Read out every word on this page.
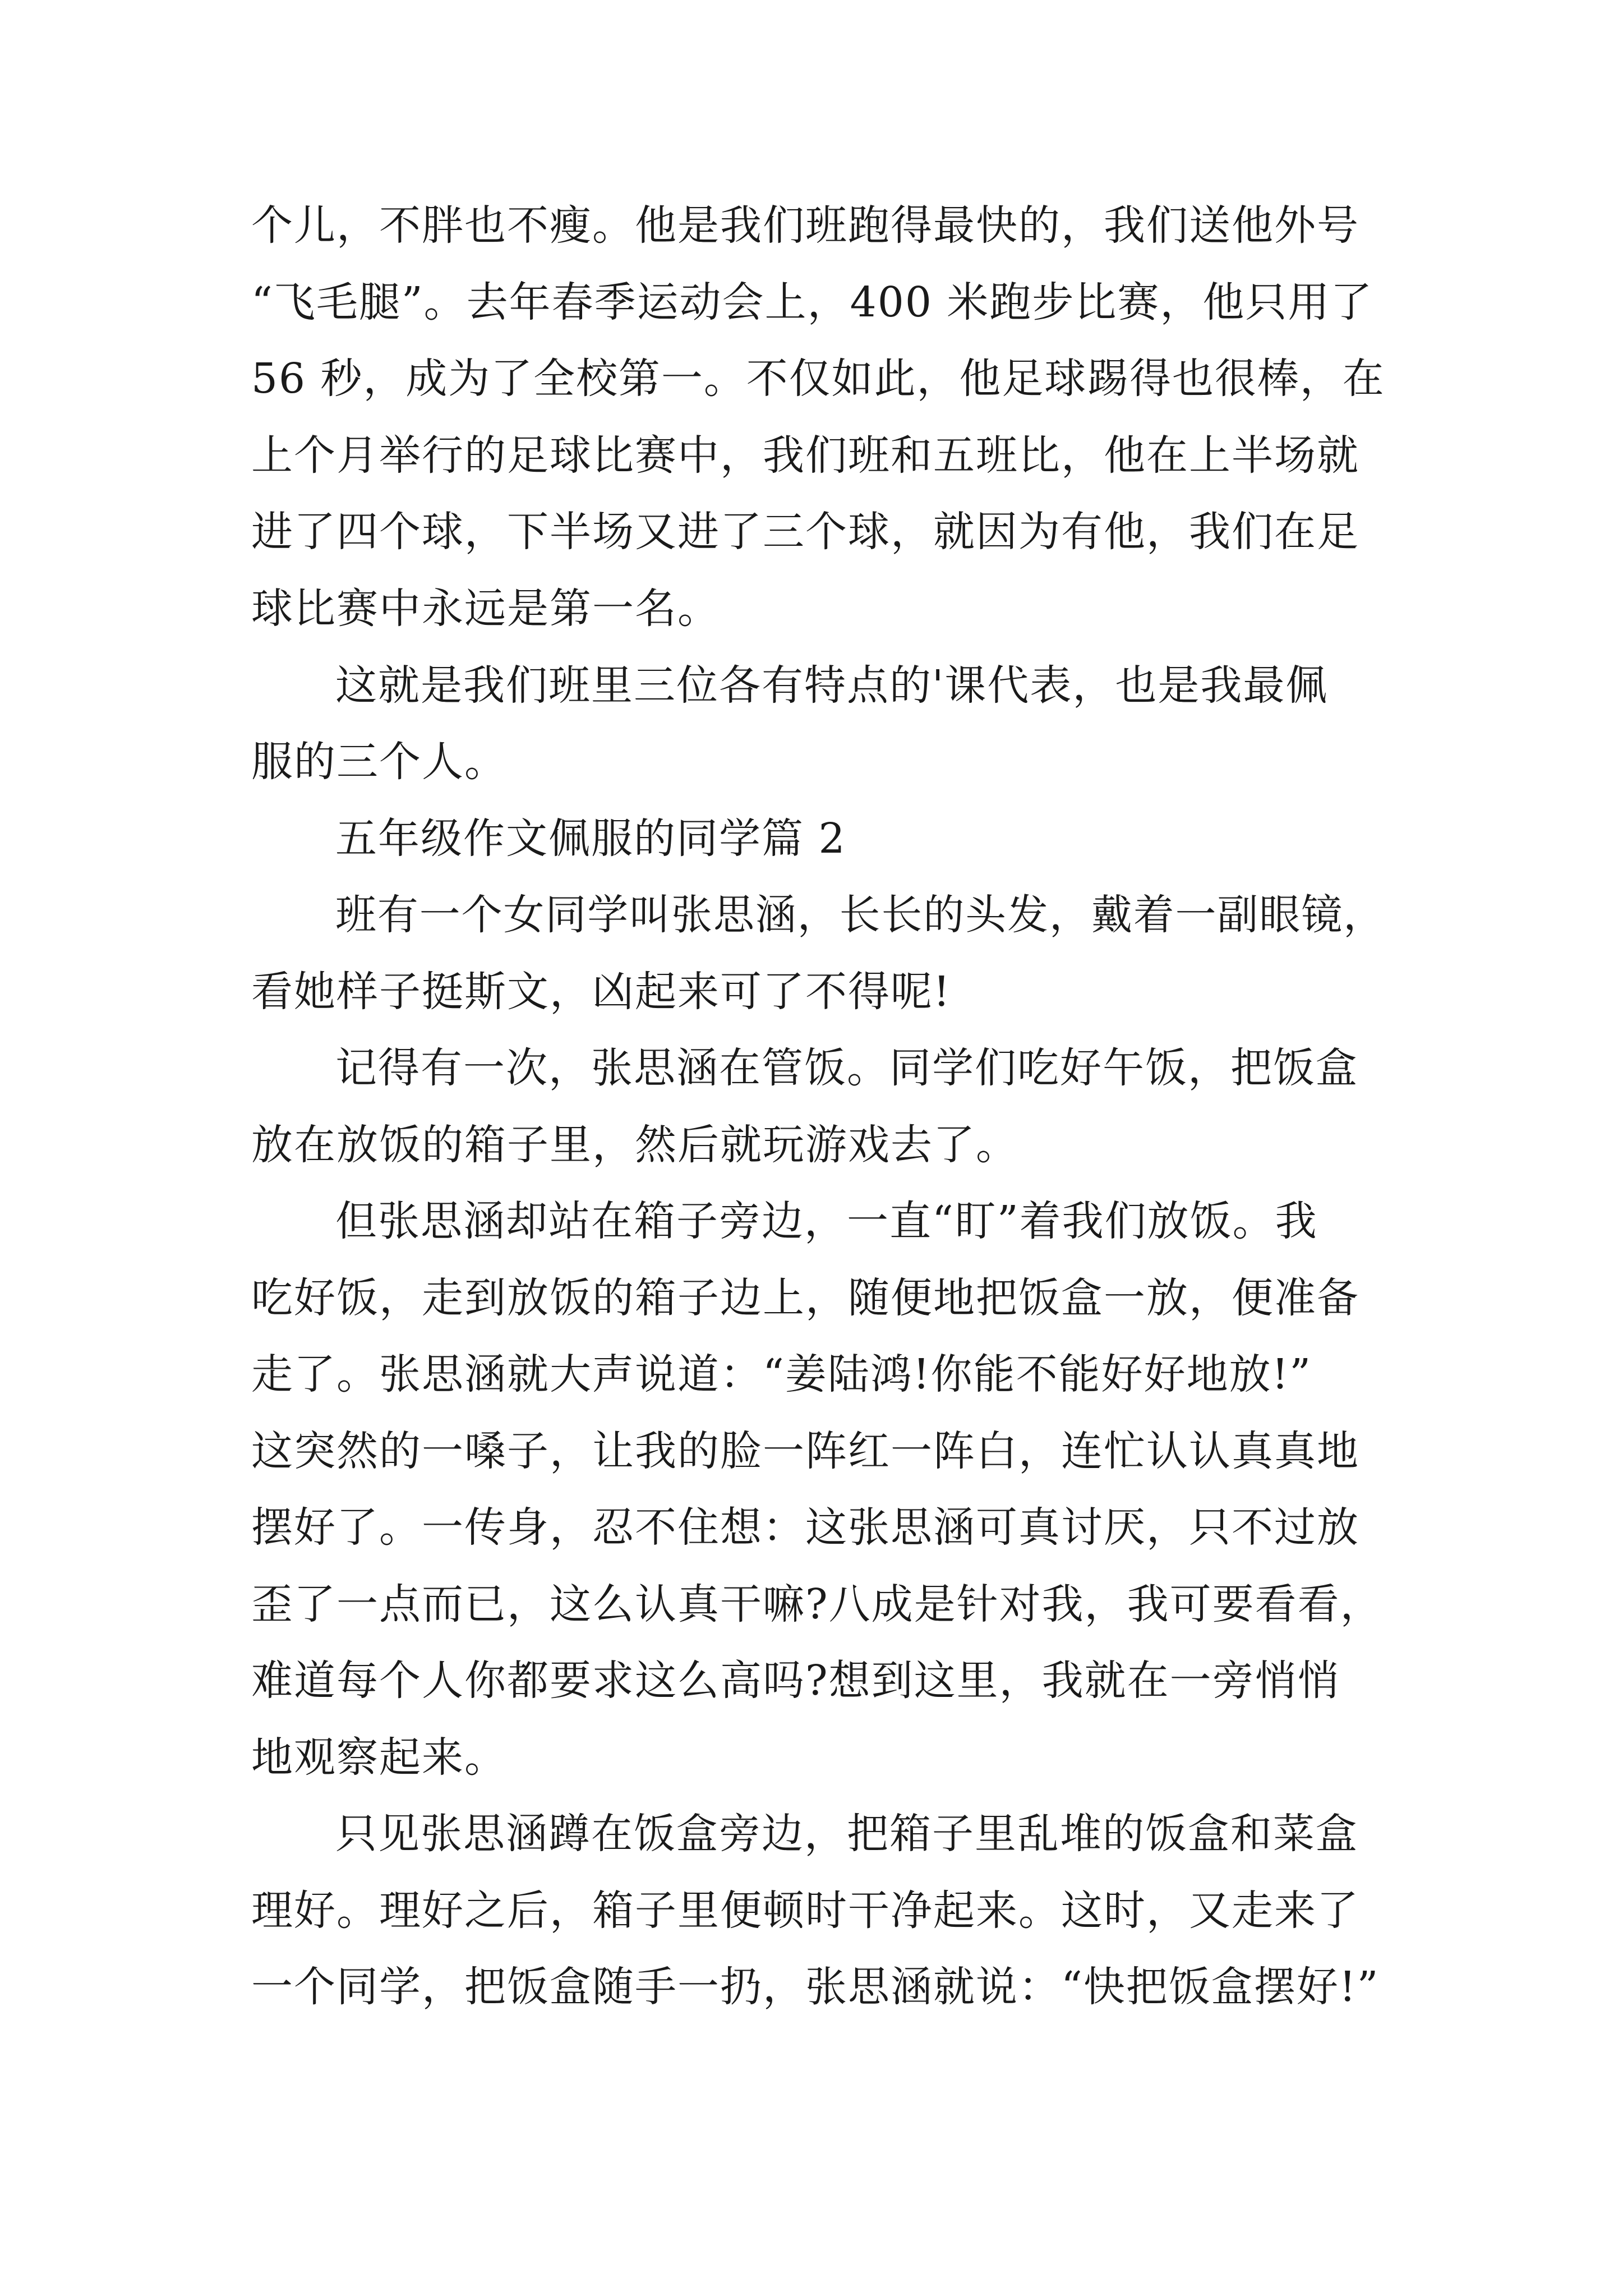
个儿，不胖也不瘦。他是我们班跑得最快的，我们送他外号
“飞毛腿”。去年春季运动会上，400 米跑步比赛，他只用了
56 秒，成为了全校第一。不仅如此，他足球踢得也很棒，在
上个月举行的足球比赛中，我们班和五班比，他在上半场就
进了四个球，下半场又进了三个球，就因为有他，我们在足
球比赛中永远是第一名。
这就是我们班里三位各有特点的'课代表，也是我最佩
服的三个人。
五年级作文佩服的同学篇 2
班有一个女同学叫张思涵，长长的头发，戴着一副眼镜，
看她样子挺斯文，凶起来可了不得呢!
记得有一次，张思涵在管饭。同学们吃好午饭，把饭盒
放在放饭的箱子里，然后就玩游戏去了。
但张思涵却站在箱子旁边，一直“盯”着我们放饭。我
吃好饭，走到放饭的箱子边上，随便地把饭盒一放，便准备
走了。张思涵就大声说道：“姜陆鸿!你能不能好好地放!”
这突然的一嗓子，让我的脸一阵红一阵白，连忙认认真真地
摆好了。一传身，忍不住想：这张思涵可真讨厌，只不过放
歪了一点而已，这么认真干嘛?八成是针对我，我可要看看，
难道每个人你都要求这么高吗?想到这里，我就在一旁悄悄
地观察起来。
只见张思涵蹲在饭盒旁边，把箱子里乱堆的饭盒和菜盒
理好。理好之后，箱子里便顿时干净起来。这时，又走来了
一个同学，把饭盒随手一扔，张思涵就说：“快把饭盒摆好!”
